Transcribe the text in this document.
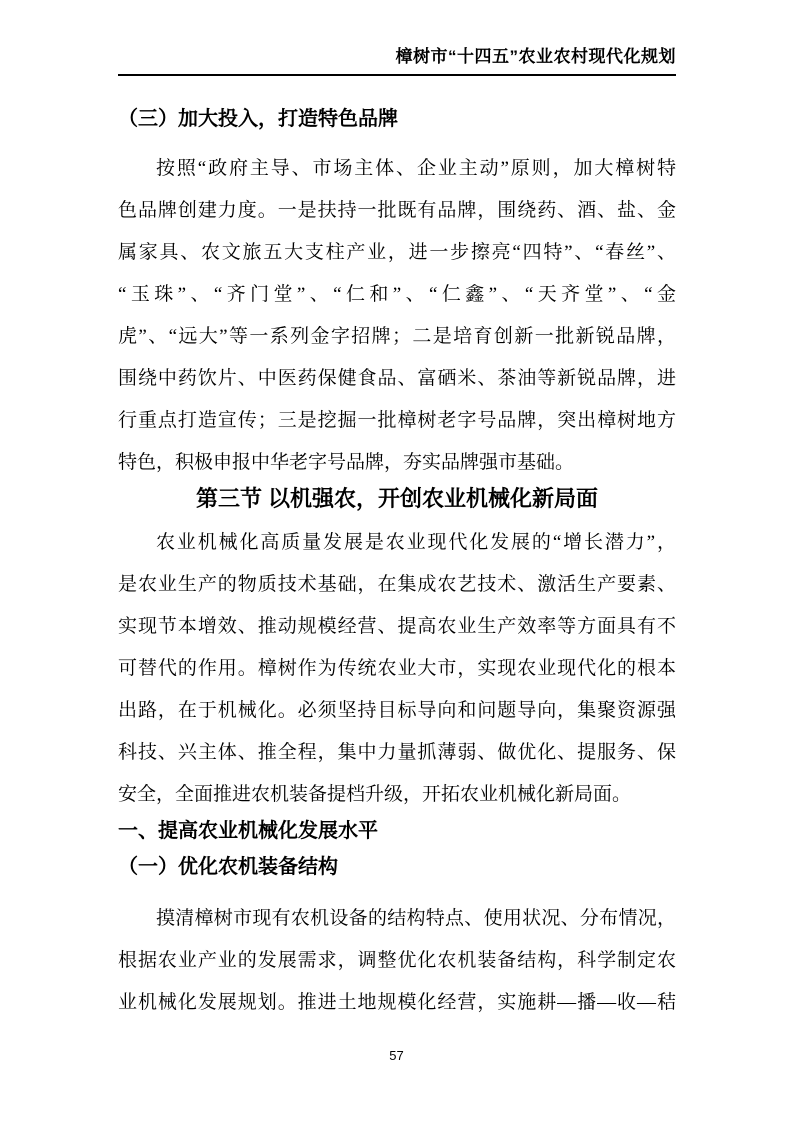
樟树市“十四五”农业农村现代化规划
（三）加大投入，打造特色品牌
按照“政府主导、市场主体、企业主动”原则，加大樟树特
色品牌创建力度。一是扶持一批既有品牌，围绕药、酒、盐、金
属家具、农文旅五大支柱产业，进一步擦亮“四特”、“春丝”、
“玉珠”、“齐门堂”、“仁和”、“仁鑫”、“天齐堂”、“金
虎”、“远大”等一系列金字招牌；二是培育创新一批新锐品牌，
围绕中药饮片、中医药保健食品、富硒米、茶油等新锐品牌，进
行重点打造宣传；三是挖掘一批樟树老字号品牌，突出樟树地方
特色，积极申报中华老字号品牌，夯实品牌强市基础。
第三节 以机强农，开创农业机械化新局面
农业机械化高质量发展是农业现代化发展的“增长潜力”，
是农业生产的物质技术基础，在集成农艺技术、激活生产要素、
实现节本增效、推动规模经营、提高农业生产效率等方面具有不
可替代的作用。樟树作为传统农业大市，实现农业现代化的根本
出路，在于机械化。必须坚持目标导向和问题导向，集聚资源强
科技、兴主体、推全程，集中力量抓薄弱、做优化、提服务、保
安全，全面推进农机装备提档升级，开拓农业机械化新局面。
一、提高农业机械化发展水平
（一）优化农机装备结构
摸清樟树市现有农机设备的结构特点、使用状况、分布情况，
根据农业产业的发展需求，调整优化农机装备结构，科学制定农
业机械化发展规划。推进土地规模化经营，实施耕—播—收—秸
57
